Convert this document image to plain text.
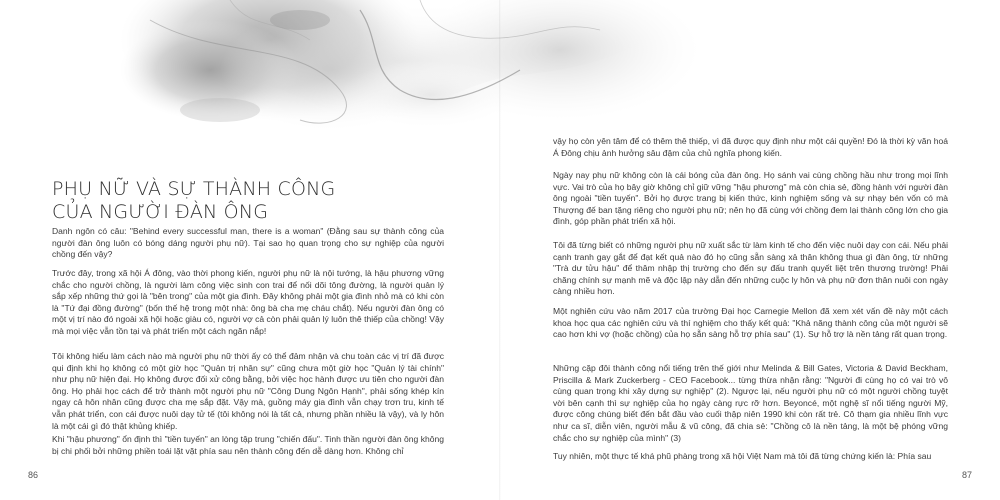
PHỤ NỮ VÀ SỰ THÀNH CÔNG
CỦA NGƯỜI ĐÀN ÔNG

Danh ngôn có câu: "Behind every successful man, there is a woman" (Đằng sau sự thành công của người đàn ông luôn có bóng dáng người phụ nữ). Tại sao họ quan trọng cho sự nghiệp của người chồng đến vậy?

Trước đây, trong xã hội Á đông, vào thời phong kiến, người phụ nữ là nội tướng, là hậu phương vững chắc cho người chồng, là người làm công việc sinh con trai để nối dõi tông đường, là người quản lý sắp xếp những thứ gọi là "bên trong" của một gia đình. Đây không phải một gia đình nhỏ mà có khi còn là "Tứ đại đồng đường" (bốn thế hệ trong một nhà: ông bà cha mẹ cháu chắt). Nếu người đàn ông có một vị trí nào đó ngoài xã hội hoặc giàu có, người vợ cả còn phải quản lý luôn thê thiếp của chồng! Vậy mà mọi việc vẫn tồn tại và phát triển một cách ngăn nắp!

Tôi không hiểu làm cách nào mà người phụ nữ thời ấy có thể đảm nhận và chu toàn các vị trí đã được qui định khi họ không có một giờ học "Quản trị nhân sự" cũng chưa một giờ học "Quản lý tài chính" như phụ nữ hiện đại. Họ không được đối xử công bằng, bởi việc học hành được ưu tiên cho người đàn ông. Họ phải học cách để trở thành một người phụ nữ "Công Dung Ngôn Hạnh", phải sống khép kín ngay cả hôn nhân cũng được cha mẹ sắp đặt. Vậy mà, guồng máy gia đình vẫn chạy trơn tru, kinh tế vẫn phát triển, con cái được nuôi dạy tử tế (tôi không nói là tất cả, nhưng phần nhiều là vậy), và ly hôn là một cái gì đó thật khủng khiếp.

Khi "hậu phương" ổn định thì "tiền tuyến" an lòng tập trung "chiến đấu". Tinh thần người đàn ông không bị chi phối bởi những phiền toái lặt vặt phía sau nên thành công đến dễ dàng hơn. Không chỉ

86

vậy họ còn yên tâm để có thêm thê thiếp, vì đã được quy định như một cái quyền! Đó là thời kỳ văn hoá Á Đông chịu ảnh hưởng sâu đậm của chủ nghĩa phong kiến.

Ngày nay phụ nữ không còn là cái bóng của đàn ông. Họ sánh vai cùng chồng hầu như trong mọi lĩnh vực. Vai trò của họ bây giờ không chỉ giữ vững "hậu phương" mà còn chia sẻ, đồng hành với người đàn ông ngoài "tiền tuyến". Bởi họ được trang bị kiến thức, kinh nghiệm sống và sự nhạy bén vốn có mà Thượng đế ban tặng riêng cho người phụ nữ; nên họ đã cùng với chồng đem lại thành công lớn cho gia đình, góp phần phát triển xã hội.

Tôi đã từng biết có những người phụ nữ xuất sắc từ làm kinh tế cho đến việc nuôi dạy con cái. Nếu phải cạnh tranh gay gắt để đạt kết quả nào đó họ cũng sẵn sàng xả thân không thua gì đàn ông, từ những "Trà dư tửu hậu" để thâm nhập thị trường cho đến sự đấu tranh quyết liệt trên thương trường! Phải chăng chính sự mạnh mẽ và độc lập này dẫn đến những cuộc ly hôn và phụ nữ đơn thân nuôi con ngày càng nhiều hơn.

Một nghiên cứu vào năm 2017 của trường Đại học Carnegie Mellon đã xem xét vấn đề này một cách khoa học qua các nghiên cứu và thí nghiệm cho thấy kết quả: "Khả năng thành công của một người sẽ cao hơn khi vợ (hoặc chồng) của họ sẵn sàng hỗ trợ phía sau" (1). Sự hỗ trợ là nền tảng rất quan trọng.

Những cặp đôi thành công nổi tiếng trên thế giới như Melinda & Bill Gates, Victoria & David Beckham, Priscilla & Mark Zuckerberg - CEO Facebook... từng thừa nhận rằng: "Người đi cùng họ có vai trò vô cùng quan trọng khi xây dựng sự nghiệp" (2). Ngược lại, nếu người phụ nữ có một người chồng tuyệt vời bên cạnh thì sự nghiệp của họ ngày càng rực rỡ hơn. Beyoncé, một nghệ sĩ nổi tiếng người Mỹ, được công chúng biết đến bắt đầu vào cuối thập niên 1990 khi còn rất trẻ. Cô thạm gia nhiều lĩnh vực như ca sĩ, diễn viên, người mẫu & vũ công, đã chia sẻ: "Chồng cô là nền tảng, là một bệ phóng vững chắc cho sự nghiệp của mình" (3)

Tuy nhiên, một thực tế khá phũ phàng trong xã hội Việt Nam mà tôi đã từng chứng kiến là: Phía sau

87
